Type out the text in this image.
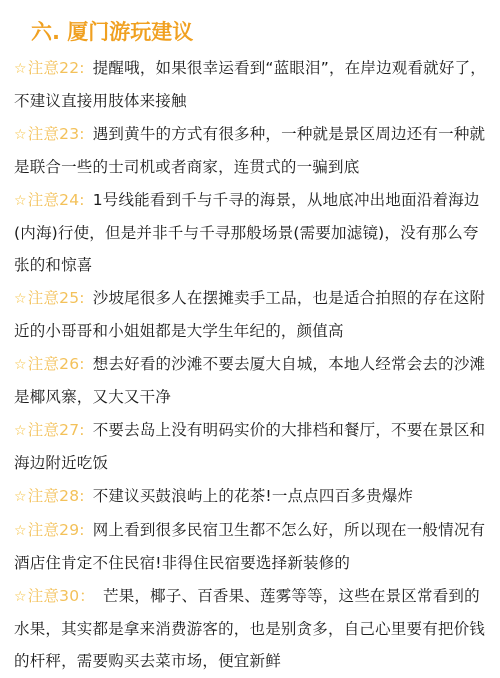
六. 厦门游玩建议
☆注意22: 提醒哦，如果很幸运看到“蓝眼泪”，在岸边观看就好了，不建议直接用肢体来接触
☆注意23: 遇到黄牛的方式有很多种，一种就是景区周边还有一种就是联合一些的士司机或者商家，连贯式的一骗到底
☆注意24: 1号线能看到千与千寻的海景，从地底冲出地面沿着海边(内海)行使，但是并非千与千寻那般场景(需要加滤镜)，没有那么夸张的和惊喜
☆注意25: 沙坡尾很多人在摆摊卖手工品，也是适合拍照的存在这附近的小哥哥和小姐姐都是大学生年纪的，颜值高
☆注意26: 想去好看的沙滩不要去厦大自城，本地人经常会去的沙滩是椰风寨，又大又干净
☆注意27: 不要去岛上没有明码实价的大排档和餐厅，不要在景区和海边附近吃饭
☆注意28: 不建议买鼓浪屿上的花茶!一点点四百多贵爆炸
☆注意29: 网上看到很多民宿卫生都不怎么好，所以现在一般情况有酒店住肯定不住民宿!非得住民宿要选择新装修的
☆注意30： 芒果，椰子、百香果、莲雾等等，这些在景区常看到的水果，其实都是拿来消费游客的，也是别贪多，自己心里要有把价钱的杆秤，需要购买去菜市场，便宜新鲜
